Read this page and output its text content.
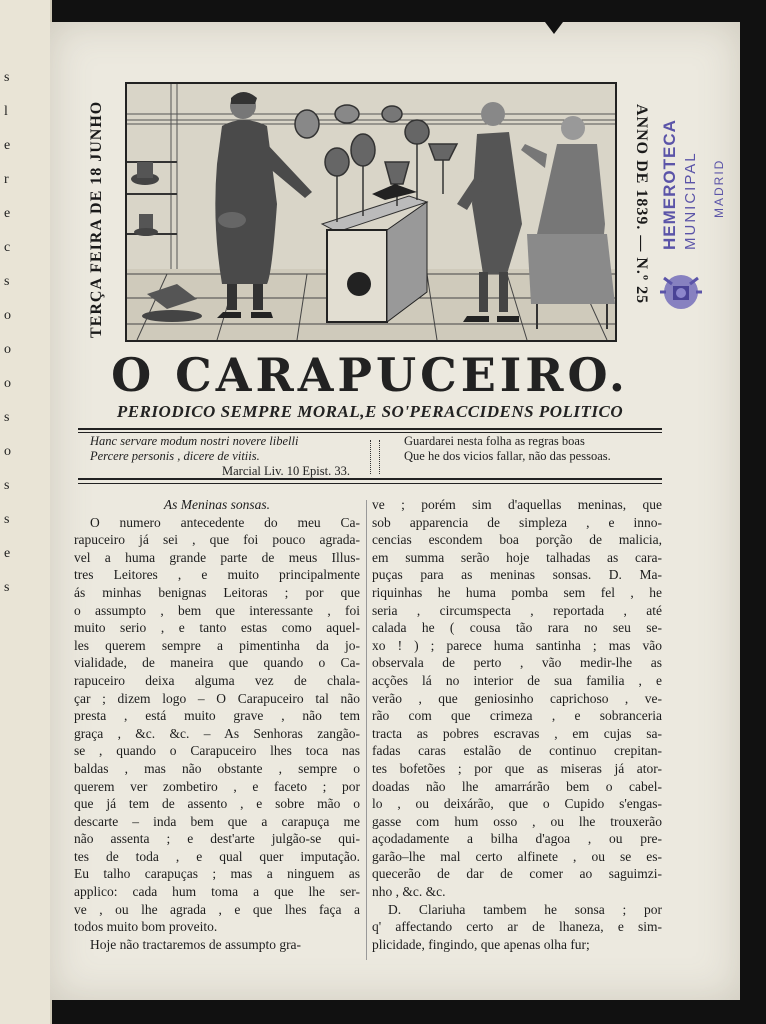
s
l
e
r
e
c
s
o
o
o
s
o
s
s
e
s
TERÇA FEIRA DE 18 JUNHO	ANNO DE 1839. — N.º 25 HEMEROTECA MUNICIPAL MADRID
O CARAPUCEIRO.
PERIODICO SEMPRE MORAL,E SO'PERACCIDENS POLITICO
Hanc servare modum nostri novere libelli
Percere personis , dicere de vitiis.
Marcial Liv. 10 Epist. 33.
Guardarei nesta folha as regras boas
Que he dos vicios fallar, não das pessoas.
As Meninas sonsas.
O numero antecedente do meu Ca-
rapuceiro já sei , que foi pouco agrada-
vel a huma grande parte de meus Illus-
tres Leitores , e muito principalmente
ás minhas benignas Leitoras ; por que
o assumpto , bem que interessante , foi
muito serio , e tanto estas como aquel-
les querem sempre a pimentinha da jo-
vialidade, de maneira que quando o Ca-
rapuceiro deixa alguma vez de chala-
çar ; dizem logo – O Carapuceiro tal não
presta , está muito grave , não tem
graça , &c. &c. – As Senhoras zangão-
se , quando o Carapuceiro lhes toca nas
baldas , mas não obstante , sempre o
querem ver zombetiro , e faceto ; por
que já tem de assento , e sobre mão o
descarte – inda bem que a carapuça me
não assenta ; e dest'arte julgão-se qui-
tes de toda , e qual quer imputação.
Eu talho carapuças ; mas a ninguem as
applico: cada hum toma a que lhe ser-
ve , ou lhe agrada , e que lhes faça a
todos muito bom proveito.
Hoje não tractaremos de assumpto gra-
ve ; porém sim d'aquellas meninas, que
sob apparencia de simpleza , e inno-
cencias escondem boa porção de malicia,
em summa serão hoje talhadas as cara-
puças para as meninas sonsas. D. Ma-
riquinhas he huma pomba sem fel , he
seria , circumspecta , reportada , até
calada he ( cousa tão rara no seu se-
xo ! ) ; parece huma santinha ; mas vão
observala de perto , vão medir-lhe as
acções lá no interior de sua familia , e
verão , que geniosinho caprichoso , ve-
rão com que crimeza , e sobranceria
tracta as pobres escravas , em cujas sa-
fadas caras estalão de continuo crepitan-
tes bofetões ; por que as miseras já ator-
doadas não lhe amarrárão bem o cabel-
lo , ou deixárão, que o Cupido s'engas-
gasse com hum osso , ou lhe trouxerão
açodadamente a bilha d'agoa , ou pre-
garão–lhe mal certo alfinete , ou se es-
quecerão de dar de comer ao saguimzi-
nho , &c. &c.
D. Clariuha tambem he sonsa ; por
q' affectando certo ar de lhaneza, e sim-
plicidade, fingindo, que apenas olha fur;
